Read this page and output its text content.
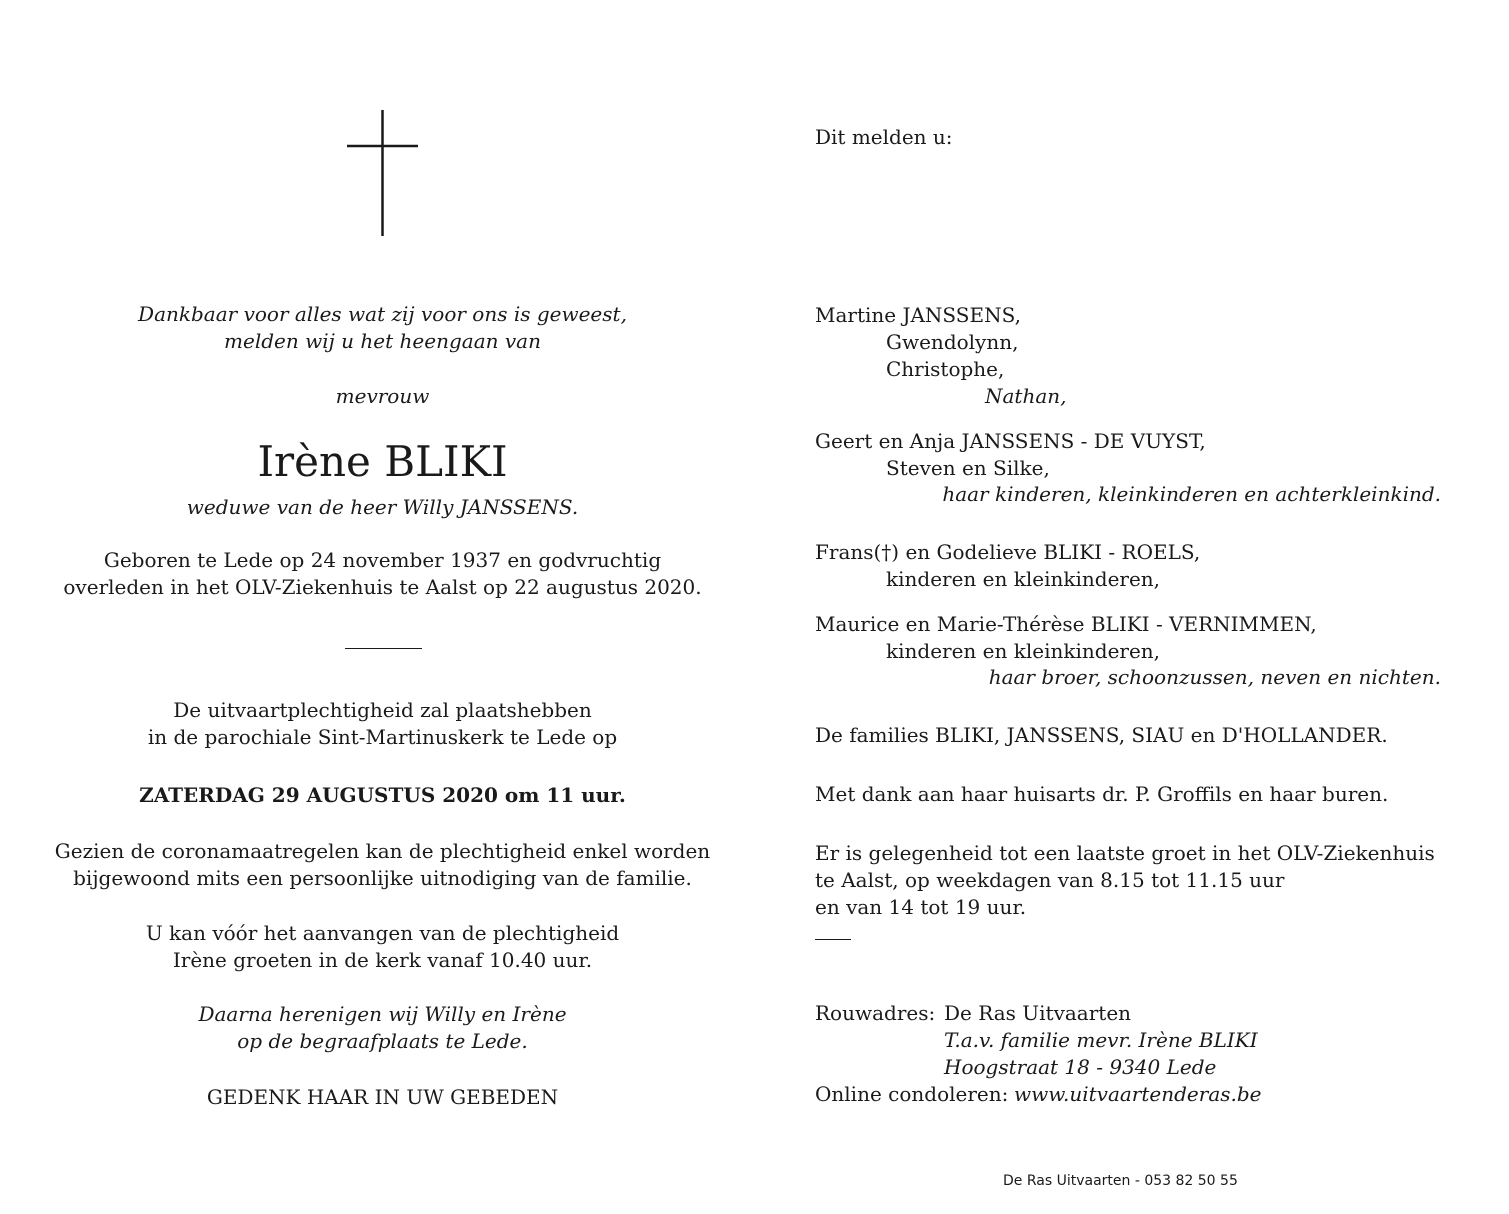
Dankbaar voor alles wat zij voor ons is geweest,
melden wij u het heengaan van
mevrouw
Irène BLIKI
weduwe van de heer Willy JANSSENS.
Geboren te Lede op 24 november 1937 en godvruchtig
overleden in het OLV-Ziekenhuis te Aalst op 22 augustus 2020.
De uitvaartplechtigheid zal plaatshebben
in de parochiale Sint-Martinuskerk te Lede op
ZATERDAG 29 AUGUSTUS 2020 om 11 uur.
Gezien de coronamaatregelen kan de plechtigheid enkel worden
bijgewoond mits een persoonlijke uitnodiging van de familie.
U kan vóór het aanvangen van de plechtigheid
Irène groeten in de kerk vanaf 10.40 uur.
Daarna herenigen wij Willy en Irène
op de begraafplaats te Lede.
GEDENK HAAR IN UW GEBEDEN
Dit melden u:
Martine JANSSENS,
Gwendolynn,
Christophe,
Nathan,
Geert en Anja JANSSENS - DE VUYST,
Steven en Silke,
haar kinderen, kleinkinderen en achterkleinkind.
Frans(†) en Godelieve BLIKI - ROELS,
kinderen en kleinkinderen,
Maurice en Marie-Thérèse BLIKI - VERNIMMEN,
kinderen en kleinkinderen,
haar broer, schoonzussen, neven en nichten.
De families BLIKI, JANSSENS, SIAU en D'HOLLANDER.
Met dank aan haar huisarts dr. P. Groffils en haar buren.
Er is gelegenheid tot een laatste groet in het OLV-Ziekenhuis
te Aalst, op weekdagen van 8.15 tot 11.15 uur
en van 14 tot 19 uur.
Rouwadres: De Ras Uitvaarten
T.a.v. familie mevr. Irène BLIKI
Hoogstraat 18 - 9340 Lede
Online condoleren: www.uitvaartenderas.be
De Ras Uitvaarten - 053 82 50 55
